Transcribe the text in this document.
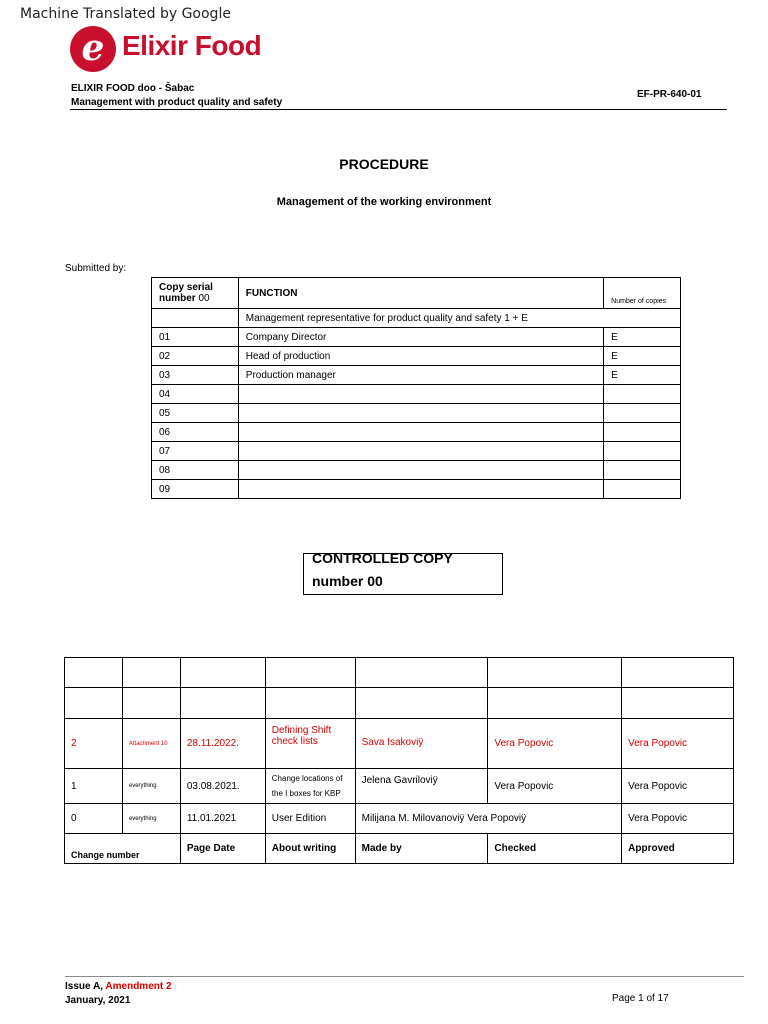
Machine Translated by Google
e Elixir Food
ELIXIR FOOD doo - Šabac
Management with product quality and safety
EF-PR-640-01
PROCEDURE
Management of the working environment
Submitted by:
Copy serial
number 00	FUNCTION	Number of copies
	Management representative for product quality and safety 1 + E	
01	Company Director	E
02	Head of production	E
03	Production manager	E
04		
05		
06		
07		
08		
09		
CONTROLLED COPY
number 00

2	Attachment 10	28.11.2022.	Defining Shift check lists	Sava Isakoviÿ	Vera Popovic	Vera Popovic
1	everything	03.08.2021.	Change locations of the I boxes for KBP	Jelena Gavriloviÿ	Vera Popovic	Vera Popovic
0	everything	11.01.2021	User Edition	Milijana M. Milovanoviÿ Vera Popoviÿ		Vera Popovic
Change number		Page Date	About writing	Made by	Checked	Approved
Issue A, Amendment 2
January, 2021	Page 1 of 17
